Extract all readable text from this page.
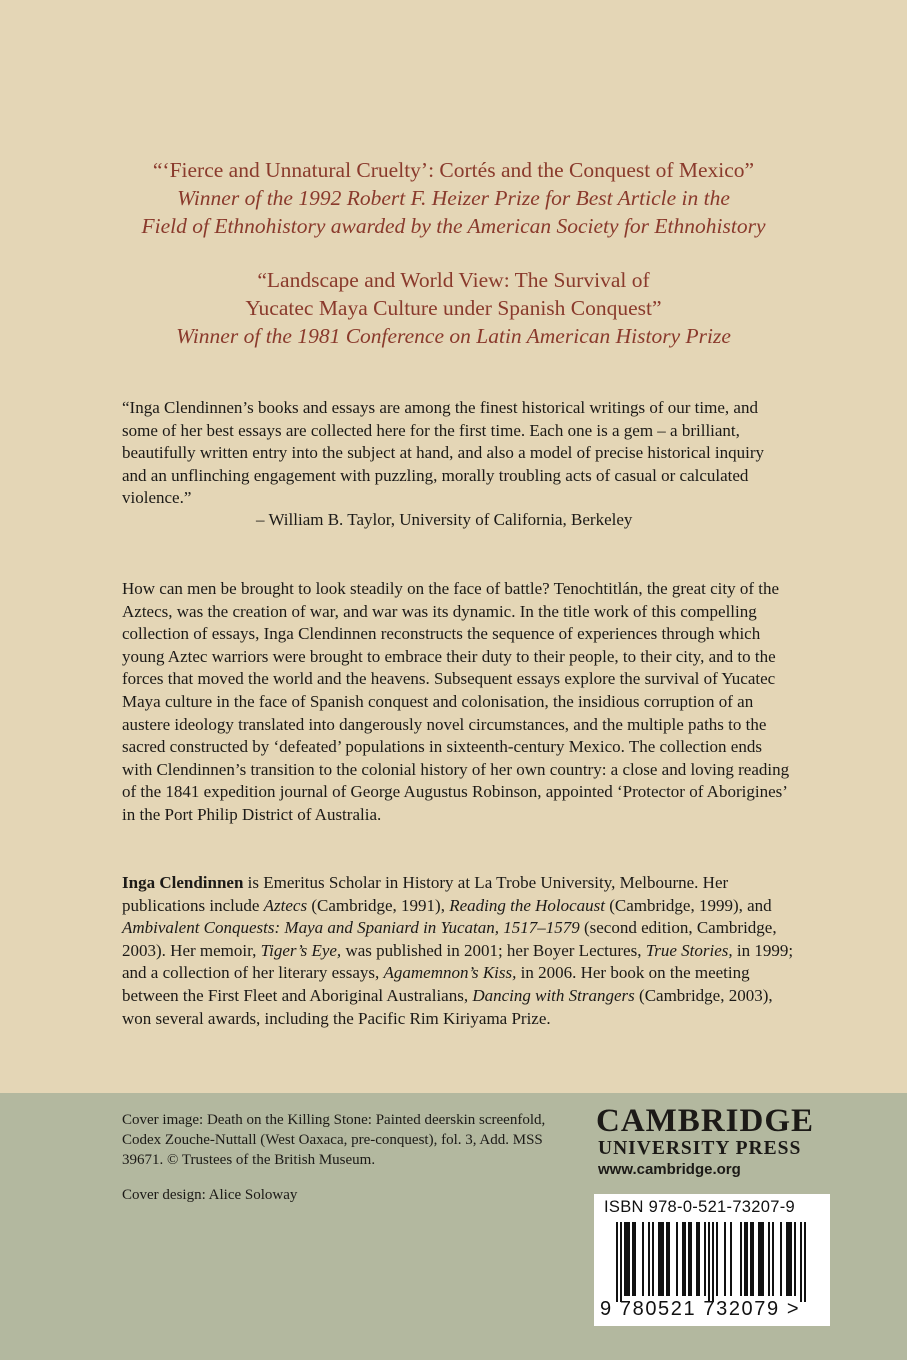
“‘Fierce and Unnatural Cruelty’: Cortés and the Conquest of Mexico”
Winner of the 1992 Robert F. Heizer Prize for Best Article in the
Field of Ethnohistory awarded by the American Society for Ethnohistory
“Landscape and World View: The Survival of
Yucatec Maya Culture under Spanish Conquest”
Winner of the 1981 Conference on Latin American History Prize
“Inga Clendinnen’s books and essays are among the finest historical writings of our time, and some of her best essays are collected here for the first time. Each one is a gem – a brilliant, beautifully written entry into the subject at hand, and also a model of precise historical inquiry and an unflinching engagement with puzzling, morally troubling acts of casual or calculated violence.”
– William B. Taylor, University of California, Berkeley
How can men be brought to look steadily on the face of battle? Tenochtitlán, the great city of the Aztecs, was the creation of war, and war was its dynamic. In the title work of this compelling collection of essays, Inga Clendinnen reconstructs the sequence of experiences through which young Aztec warriors were brought to embrace their duty to their people, to their city, and to the forces that moved the world and the heavens. Subsequent essays explore the survival of Yucatec Maya culture in the face of Spanish conquest and colonisation, the insidious corruption of an austere ideology translated into dangerously novel circumstances, and the multiple paths to the sacred constructed by ‘defeated’ populations in sixteenth-century Mexico. The collection ends with Clendinnen’s transition to the colonial history of her own country: a close and loving reading of the 1841 expedition journal of George Augustus Robinson, appointed ‘Protector of Aborigines’ in the Port Philip District of Australia.
Inga Clendinnen is Emeritus Scholar in History at La Trobe University, Melbourne. Her publications include Aztecs (Cambridge, 1991), Reading the Holocaust (Cambridge, 1999), and Ambivalent Conquests: Maya and Spaniard in Yucatan, 1517–1579 (second edition, Cambridge, 2003). Her memoir, Tiger’s Eye, was published in 2001; her Boyer Lectures, True Stories, in 1999; and a collection of her literary essays, Agamemnon’s Kiss, in 2006. Her book on the meeting between the First Fleet and Aboriginal Australians, Dancing with Strangers (Cambridge, 2003), won several awards, including the Pacific Rim Kiriyama Prize.
Cover image: Death on the Killing Stone: Painted deerskin screenfold, Codex Zouche-Nuttall (West Oaxaca, pre-conquest), fol. 3, Add. MSS 39671. © Trustees of the British Museum.
Cover design: Alice Soloway
CAMBRIDGE
UNIVERSITY PRESS
www.cambridge.org
ISBN 978-0-521-73207-9
9 780521 732079 >
